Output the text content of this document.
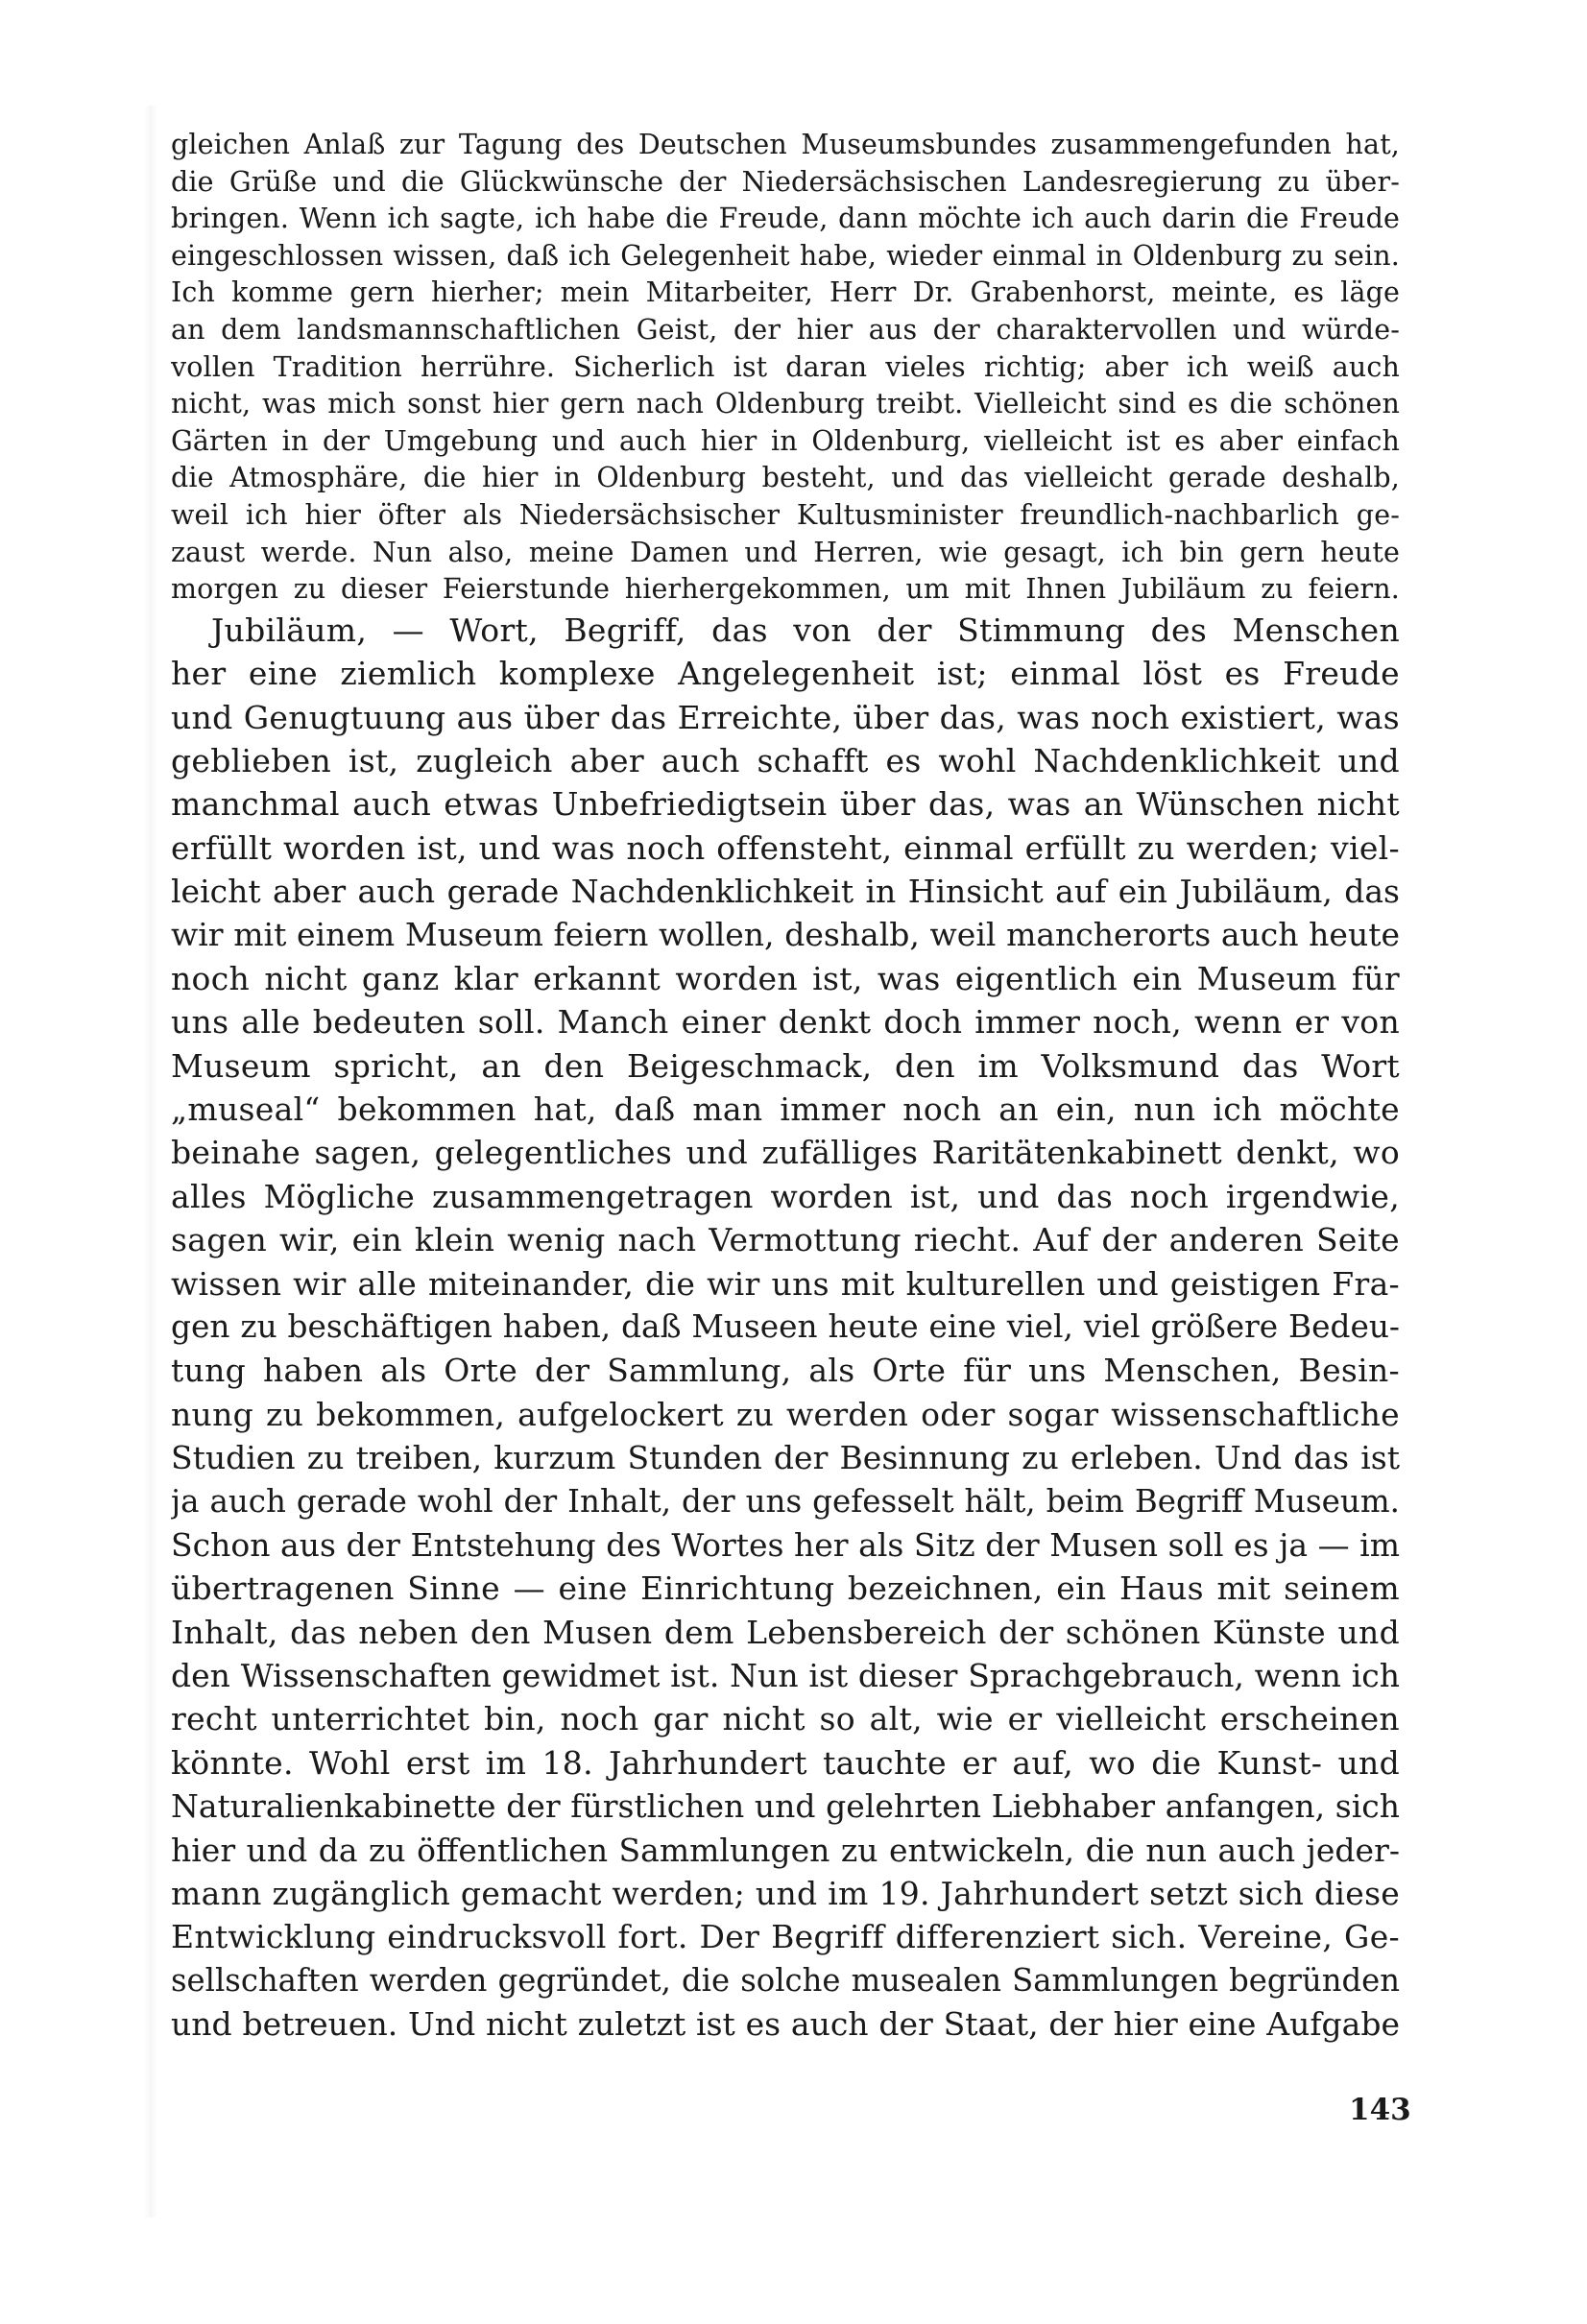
gleichen Anlaß zur Tagung des Deutschen Museumsbundes zusammengefunden hat,
die Grüße und die Glückwünsche der Niedersächsischen Landesregierung zu über-
bringen. Wenn ich sagte, ich habe die Freude, dann möchte ich auch darin die Freude
eingeschlossen wissen, daß ich Gelegenheit habe, wieder einmal in Oldenburg zu sein.
Ich komme gern hierher; mein Mitarbeiter, Herr Dr. Grabenhorst, meinte, es läge
an dem landsmannschaftlichen Geist, der hier aus der charaktervollen und würde-
vollen Tradition herrühre. Sicherlich ist daran vieles richtig; aber ich weiß auch
nicht, was mich sonst hier gern nach Oldenburg treibt. Vielleicht sind es die schönen
Gärten in der Umgebung und auch hier in Oldenburg, vielleicht ist es aber einfach
die Atmosphäre, die hier in Oldenburg besteht, und das vielleicht gerade deshalb,
weil ich hier öfter als Niedersächsischer Kultusminister freundlich-nachbarlich ge-
zaust werde. Nun also, meine Damen und Herren, wie gesagt, ich bin gern heute
morgen zu dieser Feierstunde hierhergekommen, um mit Ihnen Jubiläum zu feiern.

Jubiläum, — Wort, Begriff, das von der Stimmung des Menschen
her eine ziemlich komplexe Angelegenheit ist; einmal löst es Freude
und Genugtuung aus über das Erreichte, über das, was noch existiert, was
geblieben ist, zugleich aber auch schafft es wohl Nachdenklichkeit und
manchmal auch etwas Unbefriedigtsein über das, was an Wünschen nicht
erfüllt worden ist, und was noch offensteht, einmal erfüllt zu werden; viel-
leicht aber auch gerade Nachdenklichkeit in Hinsicht auf ein Jubiläum, das
wir mit einem Museum feiern wollen, deshalb, weil mancherorts auch heute
noch nicht ganz klar erkannt worden ist, was eigentlich ein Museum für
uns alle bedeuten soll. Manch einer denkt doch immer noch, wenn er von
Museum spricht, an den Beigeschmack, den im Volksmund das Wort
„museal“ bekommen hat, daß man immer noch an ein, nun ich möchte
beinahe sagen, gelegentliches und zufälliges Raritätenkabinett denkt, wo
alles Mögliche zusammengetragen worden ist, und das noch irgendwie,
sagen wir, ein klein wenig nach Vermottung riecht. Auf der anderen Seite
wissen wir alle miteinander, die wir uns mit kulturellen und geistigen Fra-
gen zu beschäftigen haben, daß Museen heute eine viel, viel größere Bedeu-
tung haben als Orte der Sammlung, als Orte für uns Menschen, Besin-
nung zu bekommen, aufgelockert zu werden oder sogar wissenschaftliche
Studien zu treiben, kurzum Stunden der Besinnung zu erleben. Und das ist
ja auch gerade wohl der Inhalt, der uns gefesselt hält, beim Begriff Museum.
Schon aus der Entstehung des Wortes her als Sitz der Musen soll es ja — im
übertragenen Sinne — eine Einrichtung bezeichnen, ein Haus mit seinem
Inhalt, das neben den Musen dem Lebensbereich der schönen Künste und
den Wissenschaften gewidmet ist. Nun ist dieser Sprachgebrauch, wenn ich
recht unterrichtet bin, noch gar nicht so alt, wie er vielleicht erscheinen
könnte. Wohl erst im 18. Jahrhundert tauchte er auf, wo die Kunst- und
Naturalienkabinette der fürstlichen und gelehrten Liebhaber anfangen, sich
hier und da zu öffentlichen Sammlungen zu entwickeln, die nun auch jeder-
mann zugänglich gemacht werden; und im 19. Jahrhundert setzt sich diese
Entwicklung eindrucksvoll fort. Der Begriff differenziert sich. Vereine, Ge-
sellschaften werden gegründet, die solche musealen Sammlungen begründen
und betreuen. Und nicht zuletzt ist es auch der Staat, der hier eine Aufgabe

143
